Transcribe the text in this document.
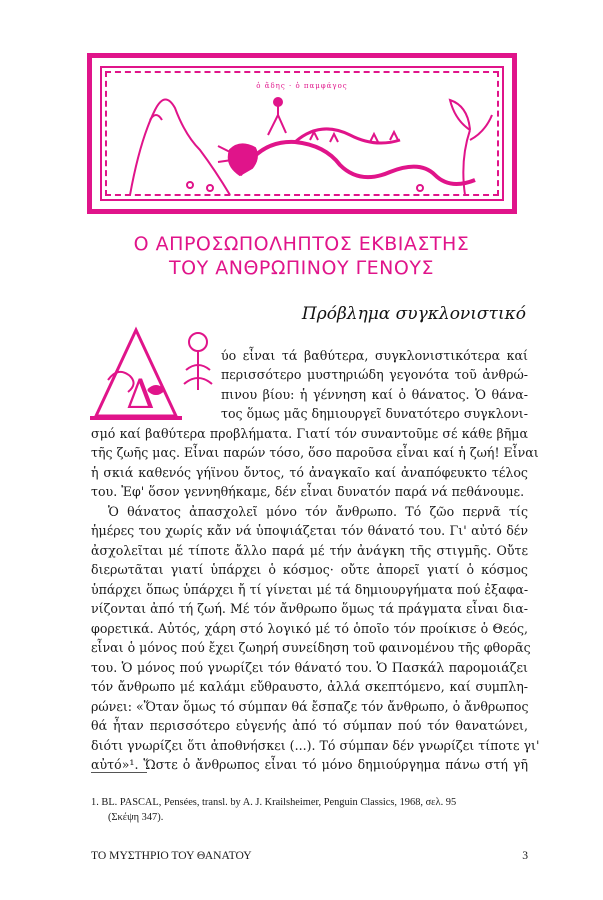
ὁ ἅδης · ὁ παμφάγος
Ο ΑΠΡΟΣΩΠΟΛΗΠΤΟΣ ΕΚΒΙΑΣΤΗΣ
ΤΟΥ ΑΝΘΡΩΠΙΝΟΥ ΓΕΝΟΥΣ
Πρόβλημα συγκλονιστικό
Δ
ύο εἶναι τά βαθύτερα, συγκλονιστικότερα καί
περισσότερο μυστηριώδη γεγονότα τοῦ ἀνθρώ-
πινου βίου: ἡ γέννηση καί ὁ θάνατος. Ὁ θάνα-
τος ὅμως μᾶς δημιουργεῖ δυνατότερο συγκλονι-
σμό καί βαθύτερα προβλήματα. Γιατί τόν συναντοῦμε σέ κάθε βῆμα
τῆς ζωῆς μας. Εἶναι παρών τόσο, ὅσο παροῦσα εἶναι καί ἡ ζωή! Εἶναι
ἡ σκιά καθενός γήϊνου ὄντος, τό ἀναγκαῖο καί ἀναπόφευκτο τέλος
του. Ἐφ' ὅσον γεννηθήκαμε, δέν εἶναι δυνατόν παρά νά πεθάνουμε.
Ὁ θάνατος ἀπασχολεῖ μόνο τόν ἄνθρωπο. Τό ζῶο περνᾶ τίς
ἡμέρες του χωρίς κἄν νά ὑποψιάζεται τόν θάνατό του. Γι' αὐτό δέν
ἀσχολεῖται μέ τίποτε ἄλλο παρά μέ τήν ἀνάγκη τῆς στιγμῆς. Οὔτε
διερωτᾶται γιατί ὑπάρχει ὁ κόσμος· οὔτε ἀπορεῖ γιατί ὁ κόσμος
ὑπάρχει ὅπως ὑπάρχει ἤ τί γίνεται μέ τά δημιουργήματα πού ἐξαφα-
νίζονται ἀπό τή ζωή. Μέ τόν ἄνθρωπο ὅμως τά πράγματα εἶναι δια-
φορετικά. Αὐτός, χάρη στό λογικό μέ τό ὁποῖο τόν προίκισε ὁ Θεός,
εἶναι ὁ μόνος πού ἔχει ζωηρή συνείδηση τοῦ φαινομένου τῆς φθορᾶς
του. Ὁ μόνος πού γνωρίζει τόν θάνατό του. Ὁ Πασκάλ παρομοιάζει
τόν ἄνθρωπο μέ καλάμι εὔθραυστο, ἀλλά σκεπτόμενο, καί συμπλη-
ρώνει: «Ὅταν ὅμως τό σύμπαν θά ἔσπαζε τόν ἄνθρωπο, ὁ ἄνθρωπος
θά ἦταν περισσότερο εὐγενής ἀπό τό σύμπαν πού τόν θανατώνει,
διότι γνωρίζει ὅτι ἀποθνήσκει (...). Τό σύμπαν δέν γνωρίζει τίποτε γι'
αὐτό»¹. Ὥστε ὁ ἄνθρωπος εἶναι τό μόνο δημιούργημα πάνω στή γῆ
1. BL. PASCAL, Pensées, transl. by A. J. Krailsheimer, Penguin Classics, 1968, σελ. 95
(Σκέψη 347).
ΤΟ ΜΥΣΤΗΡΙΟ ΤΟΥ ΘΑΝΑΤΟΥ	3
